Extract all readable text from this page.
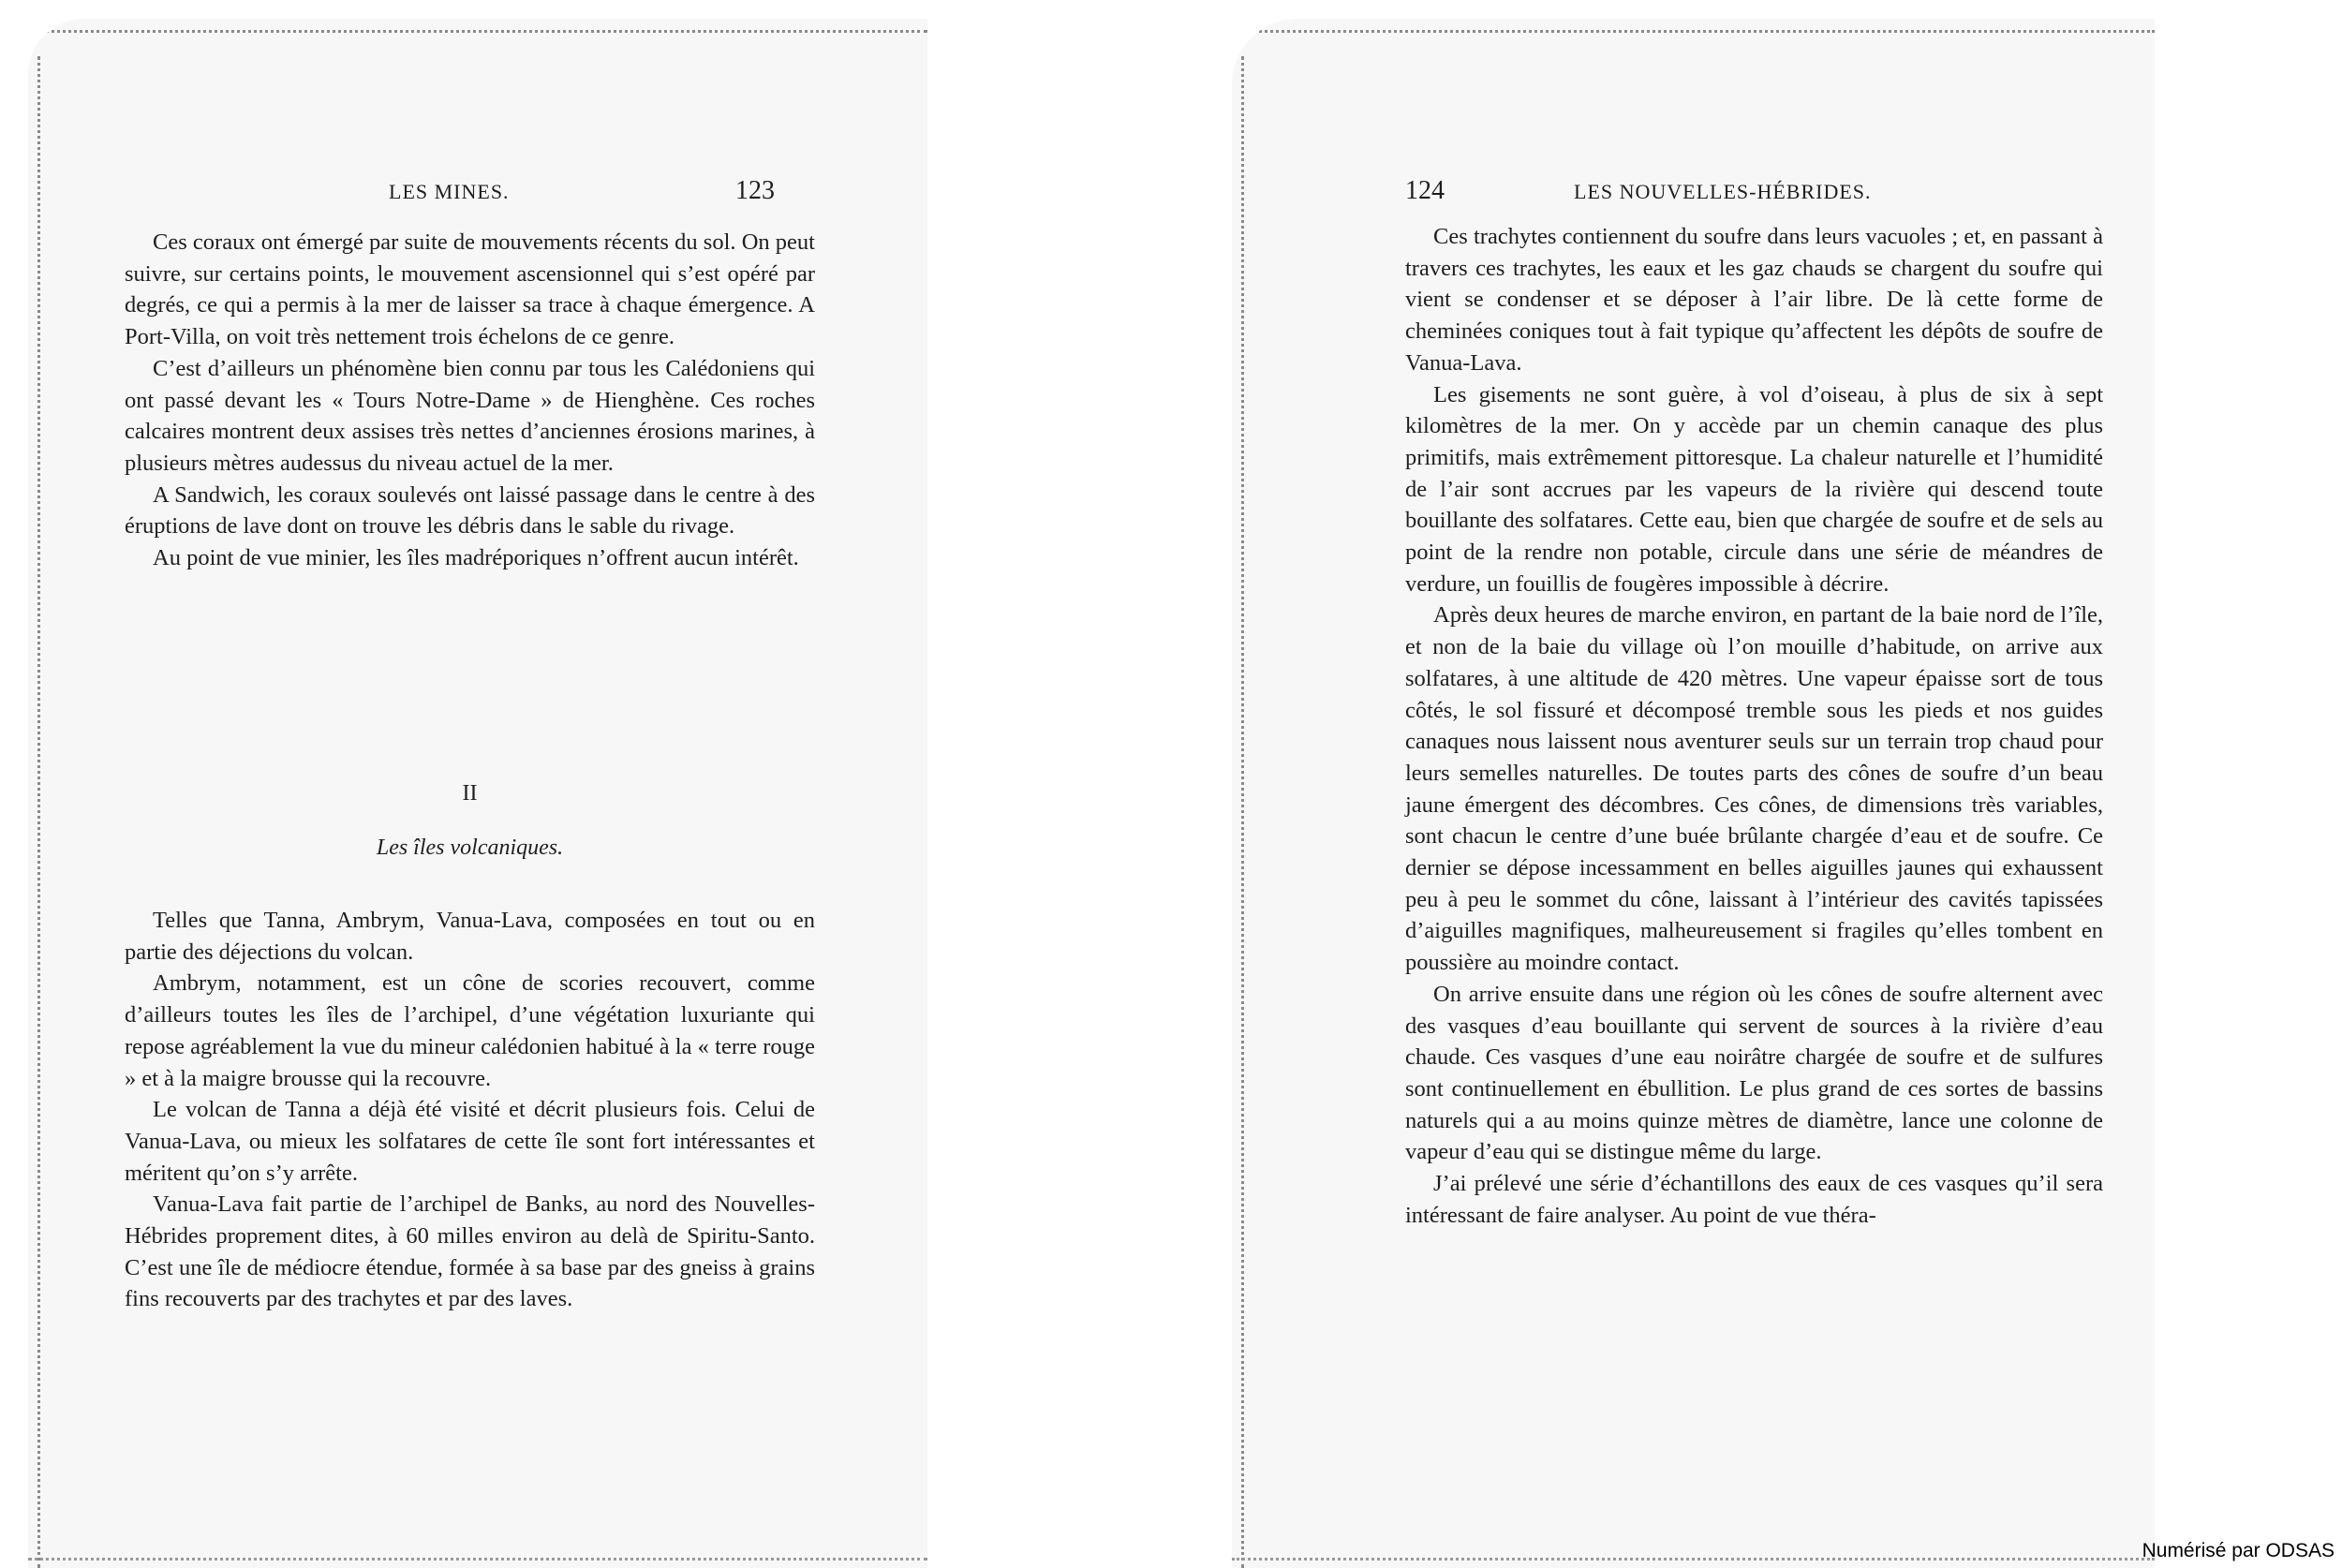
LES MINES.	123

Ces coraux ont émergé par suite de mouvements récents du sol. On peut suivre, sur certains points, le mouvement ascensionnel qui s’est opéré par degrés, ce qui a permis à la mer de laisser sa trace à chaque émergence. A Port-Villa, on voit très nettement trois échelons de ce genre.

C’est d’ailleurs un phénomène bien connu par tous les Calédoniens qui ont passé devant les « Tours Notre-Dame » de Hienghène. Ces roches calcaires montrent deux assises très nettes d’anciennes érosions marines, à plusieurs mètres audessus du niveau actuel de la mer.

A Sandwich, les coraux soulevés ont laissé passage dans le centre à des éruptions de lave dont on trouve les débris dans le sable du rivage.

Au point de vue minier, les îles madréporiques n’offrent aucun intérêt.

II
Les îles volcaniques.

Telles que Tanna, Ambrym, Vanua-Lava, composées en tout ou en partie des déjections du volcan.

Ambrym, notamment, est un cône de scories recouvert, comme d’ailleurs toutes les îles de l’archipel, d’une végétation luxuriante qui repose agréablement la vue du mineur calédonien habitué à la « terre rouge » et à la maigre brousse qui la recouvre.

Le volcan de Tanna a déjà été visité et décrit plusieurs fois. Celui de Vanua-Lava, ou mieux les solfatares de cette île sont fort intéressantes et méritent qu’on s’y arrête.

Vanua-Lava fait partie de l’archipel de Banks, au nord des Nouvelles-Hébrides proprement dites, à 60 milles environ au delà de Spiritu-Santo. C’est une île de médiocre étendue, formée à sa base par des gneiss à grains fins recouverts par des trachytes et par des laves.

124	LES NOUVELLES-HÉBRIDES.

Ces trachytes contiennent du soufre dans leurs vacuoles ; et, en passant à travers ces trachytes, les eaux et les gaz chauds se chargent du soufre qui vient se condenser et se déposer à l’air libre. De là cette forme de cheminées coniques tout à fait typique qu’affectent les dépôts de soufre de Vanua-Lava.

Les gisements ne sont guère, à vol d’oiseau, à plus de six à sept kilomètres de la mer. On y accède par un chemin canaque des plus primitifs, mais extrêmement pittoresque. La chaleur naturelle et l’humidité de l’air sont accrues par les vapeurs de la rivière qui descend toute bouillante des solfatares. Cette eau, bien que chargée de soufre et de sels au point de la rendre non potable, circule dans une série de méandres de verdure, un fouillis de fougères impossible à décrire.

Après deux heures de marche environ, en partant de la baie nord de l’île, et non de la baie du village où l’on mouille d’habitude, on arrive aux solfatares, à une altitude de 420 mètres. Une vapeur épaisse sort de tous côtés, le sol fissuré et décomposé tremble sous les pieds et nos guides canaques nous laissent nous aventurer seuls sur un terrain trop chaud pour leurs semelles naturelles. De toutes parts des cônes de soufre d’un beau jaune émergent des décombres. Ces cônes, de dimensions très variables, sont chacun le centre d’une buée brûlante chargée d’eau et de soufre. Ce dernier se dépose incessamment en belles aiguilles jaunes qui exhaussent peu à peu le sommet du cône, laissant à l’intérieur des cavités tapissées d’aiguilles magnifiques, malheureusement si fragiles qu’elles tombent en poussière au moindre contact.

On arrive ensuite dans une région où les cônes de soufre alternent avec des vasques d’eau bouillante qui servent de sources à la rivière d’eau chaude. Ces vasques d’une eau noirâtre chargée de soufre et de sulfures sont continuellement en ébullition. Le plus grand de ces sortes de bassins naturels qui a au moins quinze mètres de diamètre, lance une colonne de vapeur d’eau qui se distingue même du large.

J’ai prélevé une série d’échantillons des eaux de ces vasques qu’il sera intéressant de faire analyser. Au point de vue théra-

Numérisé par ODSAS
